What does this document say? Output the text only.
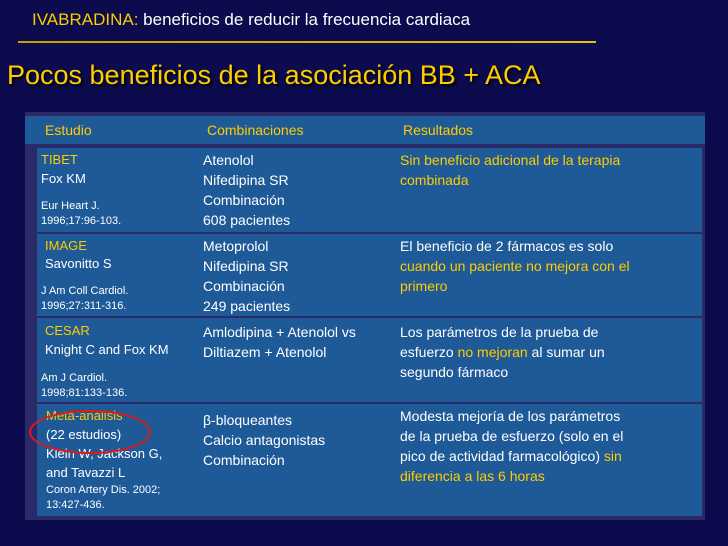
IVABRADINA: beneficios de reducir la frecuencia cardiaca
Pocos beneficios de la asociación BB + ACA
Estudio	Combinaciones	Resultados
TIBET
Fox KM
Eur Heart J.
1996;17:96-103.
Atenolol
Nifedipina SR
Combinación
608 pacientes
Sin beneficio adicional de la terapia
combinada
IMAGE
Savonitto S
J Am Coll Cardiol.
1996;27:311-316.
Metoprolol
Nifedipina SR
Combinación
249 pacientes
El beneficio de 2 fármacos es solo
cuando un paciente no mejora con el
primero
CESAR
Knight C and Fox KM
Am J Cardiol.
1998;81:133-136.
Amlodipina + Atenolol vs
Diltiazem + Atenolol
Los parámetros de la prueba de
esfuerzo no mejoran al sumar un
segundo fármaco
Meta-análisis
(22 estudios)
Klein W, Jackson G,
and Tavazzi L
Coron Artery Dis. 2002;
13:427-436.
β-bloqueantes
Calcio antagonistas
Combinación
Modesta mejoría de los parámetros
de la prueba de esfuerzo (solo en el
pico de actividad farmacológico) sin
diferencia a las 6 horas
